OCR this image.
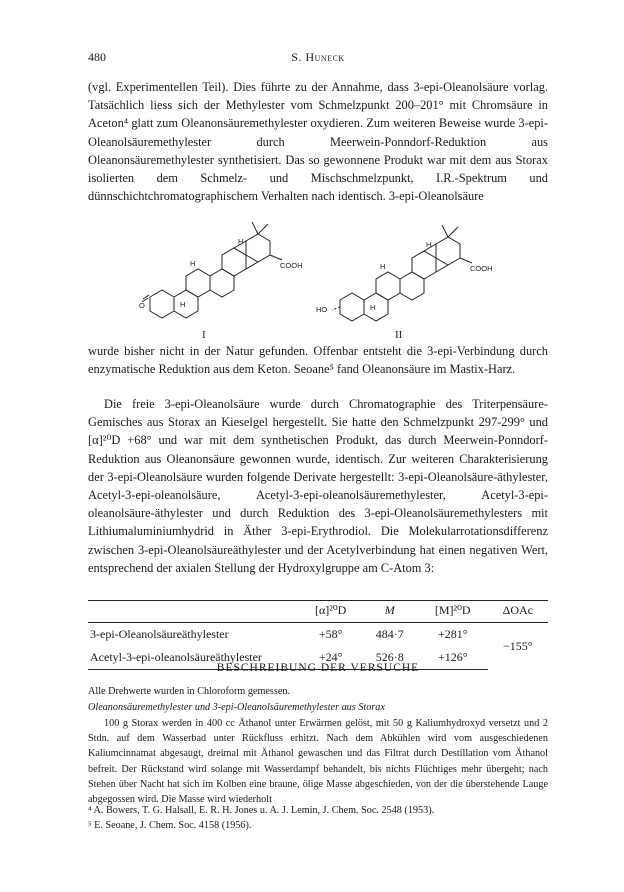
480	S. Huneck

(vgl. Experimentellen Teil). Dies führte zu der Annahme, dass 3-epi-Oleanolsäure vorlag. Tatsächlich liess sich der Methylester vom Schmelzpunkt 200–201° mit Chromsäure in Aceton⁴ glatt zum Oleanonsäuremethylester oxydieren. Zum weiteren Beweise wurde 3-epi-Oleanolsäuremethylester durch Meerwein-Ponndorf-Reduktion aus Oleanonsäuremethylester synthetisiert. Das so gewonnene Produkt war mit dem aus Storax isolierten dem Schmelz- und Mischschmelzpunkt, I.R.-Spektrum und dünnschichtchromatographischem Verhalten nach identisch. 3-epi-Oleanolsäure

COOH
H
H
H
O
I
COOH
H
H
H
HO
II

wurde bisher nicht in der Natur gefunden. Offenbar entsteht die 3-epi-Verbindung durch enzymatische Reduktion aus dem Keton. Seoane⁵ fand Oleanonsäure im Mastix-Harz.

Die freie 3-epi-Oleanolsäure wurde durch Chromatographie des Triterpensäure-Gemisches aus Storax an Kieselgel hergestellt. Sie hatte den Schmelzpunkt 297-299° und [α]²⁰D +68° und war mit dem synthetischen Produkt, das durch Meerwein-Ponndorf-Reduktion aus Oleanonsäure gewonnen wurde, identisch. Zur weiteren Charakterisierung der 3-epi-Oleanolsäure wurden folgende Derivate hergestellt: 3-epi-Oleanolsäure-äthylester, Acetyl-3-epi-oleanolsäure, Acetyl-3-epi-oleanolsäuremethylester, Acetyl-3-epi-oleanolsäure-äthylester und durch Reduktion des 3-epi-Oleanolsäuremethylesters mit Lithiumaluminiumhydrid in Äther 3-epi-Erythrodiol. Die Molekularrotationsdifferenz zwischen 3-epi-Oleanolsäureäthylester und der Acetylverbindung hat einen negativen Wert, entsprechend der axialen Stellung der Hydroxylgruppe am C-Atom 3:

	[α]²⁰D	M	[M]²⁰D	ΔOAc
3-epi-Oleanolsäureäthylester	+58°	484·7	+281°	−155°
Acetyl-3-epi-oleanolsäureäthylester	+24°	526·8	+126°	
BESCHREIBUNG DER VERSUCHE

Alle Drehwerte wurden in Chloroform gemessen.

Oleanonsäuremethylester und 3-epi-Oleanolsäuremethylester aus Storax

100 g Storax werden in 400 cc Äthanol unter Erwärmen gelöst, mit 50 g Kaliumhydroxyd versetzt und 2 Stdn. auf dem Wasserbad unter Rückfluss erhitzt. Nach dem Abkühlen wird vom ausgeschiedenen Kaliumcinnamat abgesaugt, dreimal mit Äthanol gewaschen und das Filtrat durch Destillation vom Äthanol befreit. Der Rückstand wird solange mit Wasserdampf behandelt, bis nichts Flüchtiges mehr übergeht; nach Stehen über Nacht hat sich im Kolben eine braune, ölige Masse abgeschieden, von der die überstehende Lauge abgegossen wird. Die Masse wird wiederholt

⁴ A. Bowers, T. G. Halsall, E. R. H. Jones u. A. J. Lemin, J. Chem. Soc. 2548 (1953).
⁵ E. Seoane, J. Chem. Soc. 4158 (1956).
